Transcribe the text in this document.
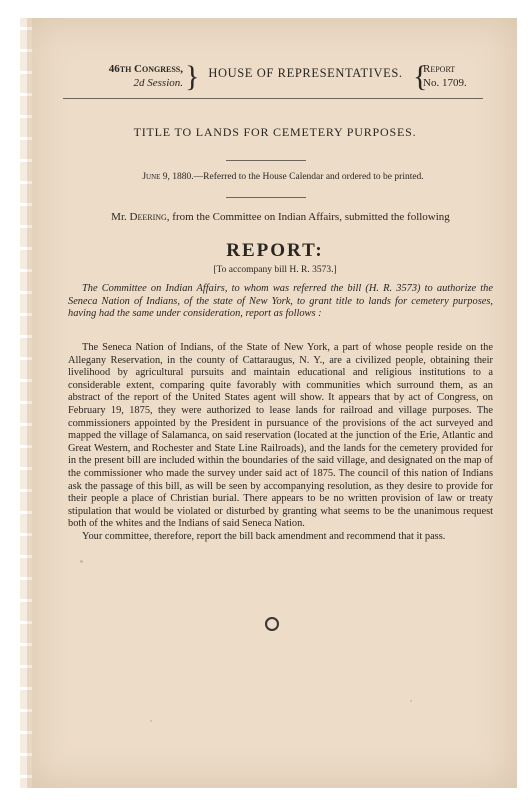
46th Congress,
2d Session. } HOUSE OF REPRESENTATIVES. {
Report
No. 1709.
TITLE TO LANDS FOR CEMETERY PURPOSES.
June 9, 1880.—Referred to the House Calendar and ordered to be printed.
Mr. Deering, from the Committee on Indian Affairs, submitted the following
REPORT:
[To accompany bill H. R. 3573.]
The Committee on Indian Affairs, to whom was referred the bill (H. R. 3573) to authorize the Seneca Nation of Indians, of the state of New York, to grant title to lands for cemetery purposes, having had the same under consideration, report as follows :

The Seneca Nation of Indians, of the State of New York, a part of whose people reside on the Allegany Reservation, in the county of Cattaraugus, N. Y., are a civilized people, obtaining their livelihood by agricultural pursuits and maintain educational and religious institutions to a considerable extent, comparing quite favorably with communities which surround them, as an abstract of the report of the United States agent will show. It appears that by act of Congress, on February 19, 1875, they were authorized to lease lands for railroad and village purposes. The commissioners appointed by the President in pursuance of the provisions of the act surveyed and mapped the village of Salamanca, on said reservation (located at the junction of the Erie, Atlantic and Great Western, and Rochester and State Line Railroads), and the lands for the cemetery provided for in the present bill are included within the boundaries of the said village, and designated on the map of the commissioner who made the survey under said act of 1875. The council of this nation of Indians ask the passage of this bill, as will be seen by accompanying resolution, as they desire to provide for their people a place of Christian burial. There appears to be no written provision of law or treaty stipulation that would be violated or disturbed by granting what seems to be the unanimous request both of the whites and the Indians of said Seneca Nation.

Your committee, therefore, report the bill back amendment and recommend that it pass.
